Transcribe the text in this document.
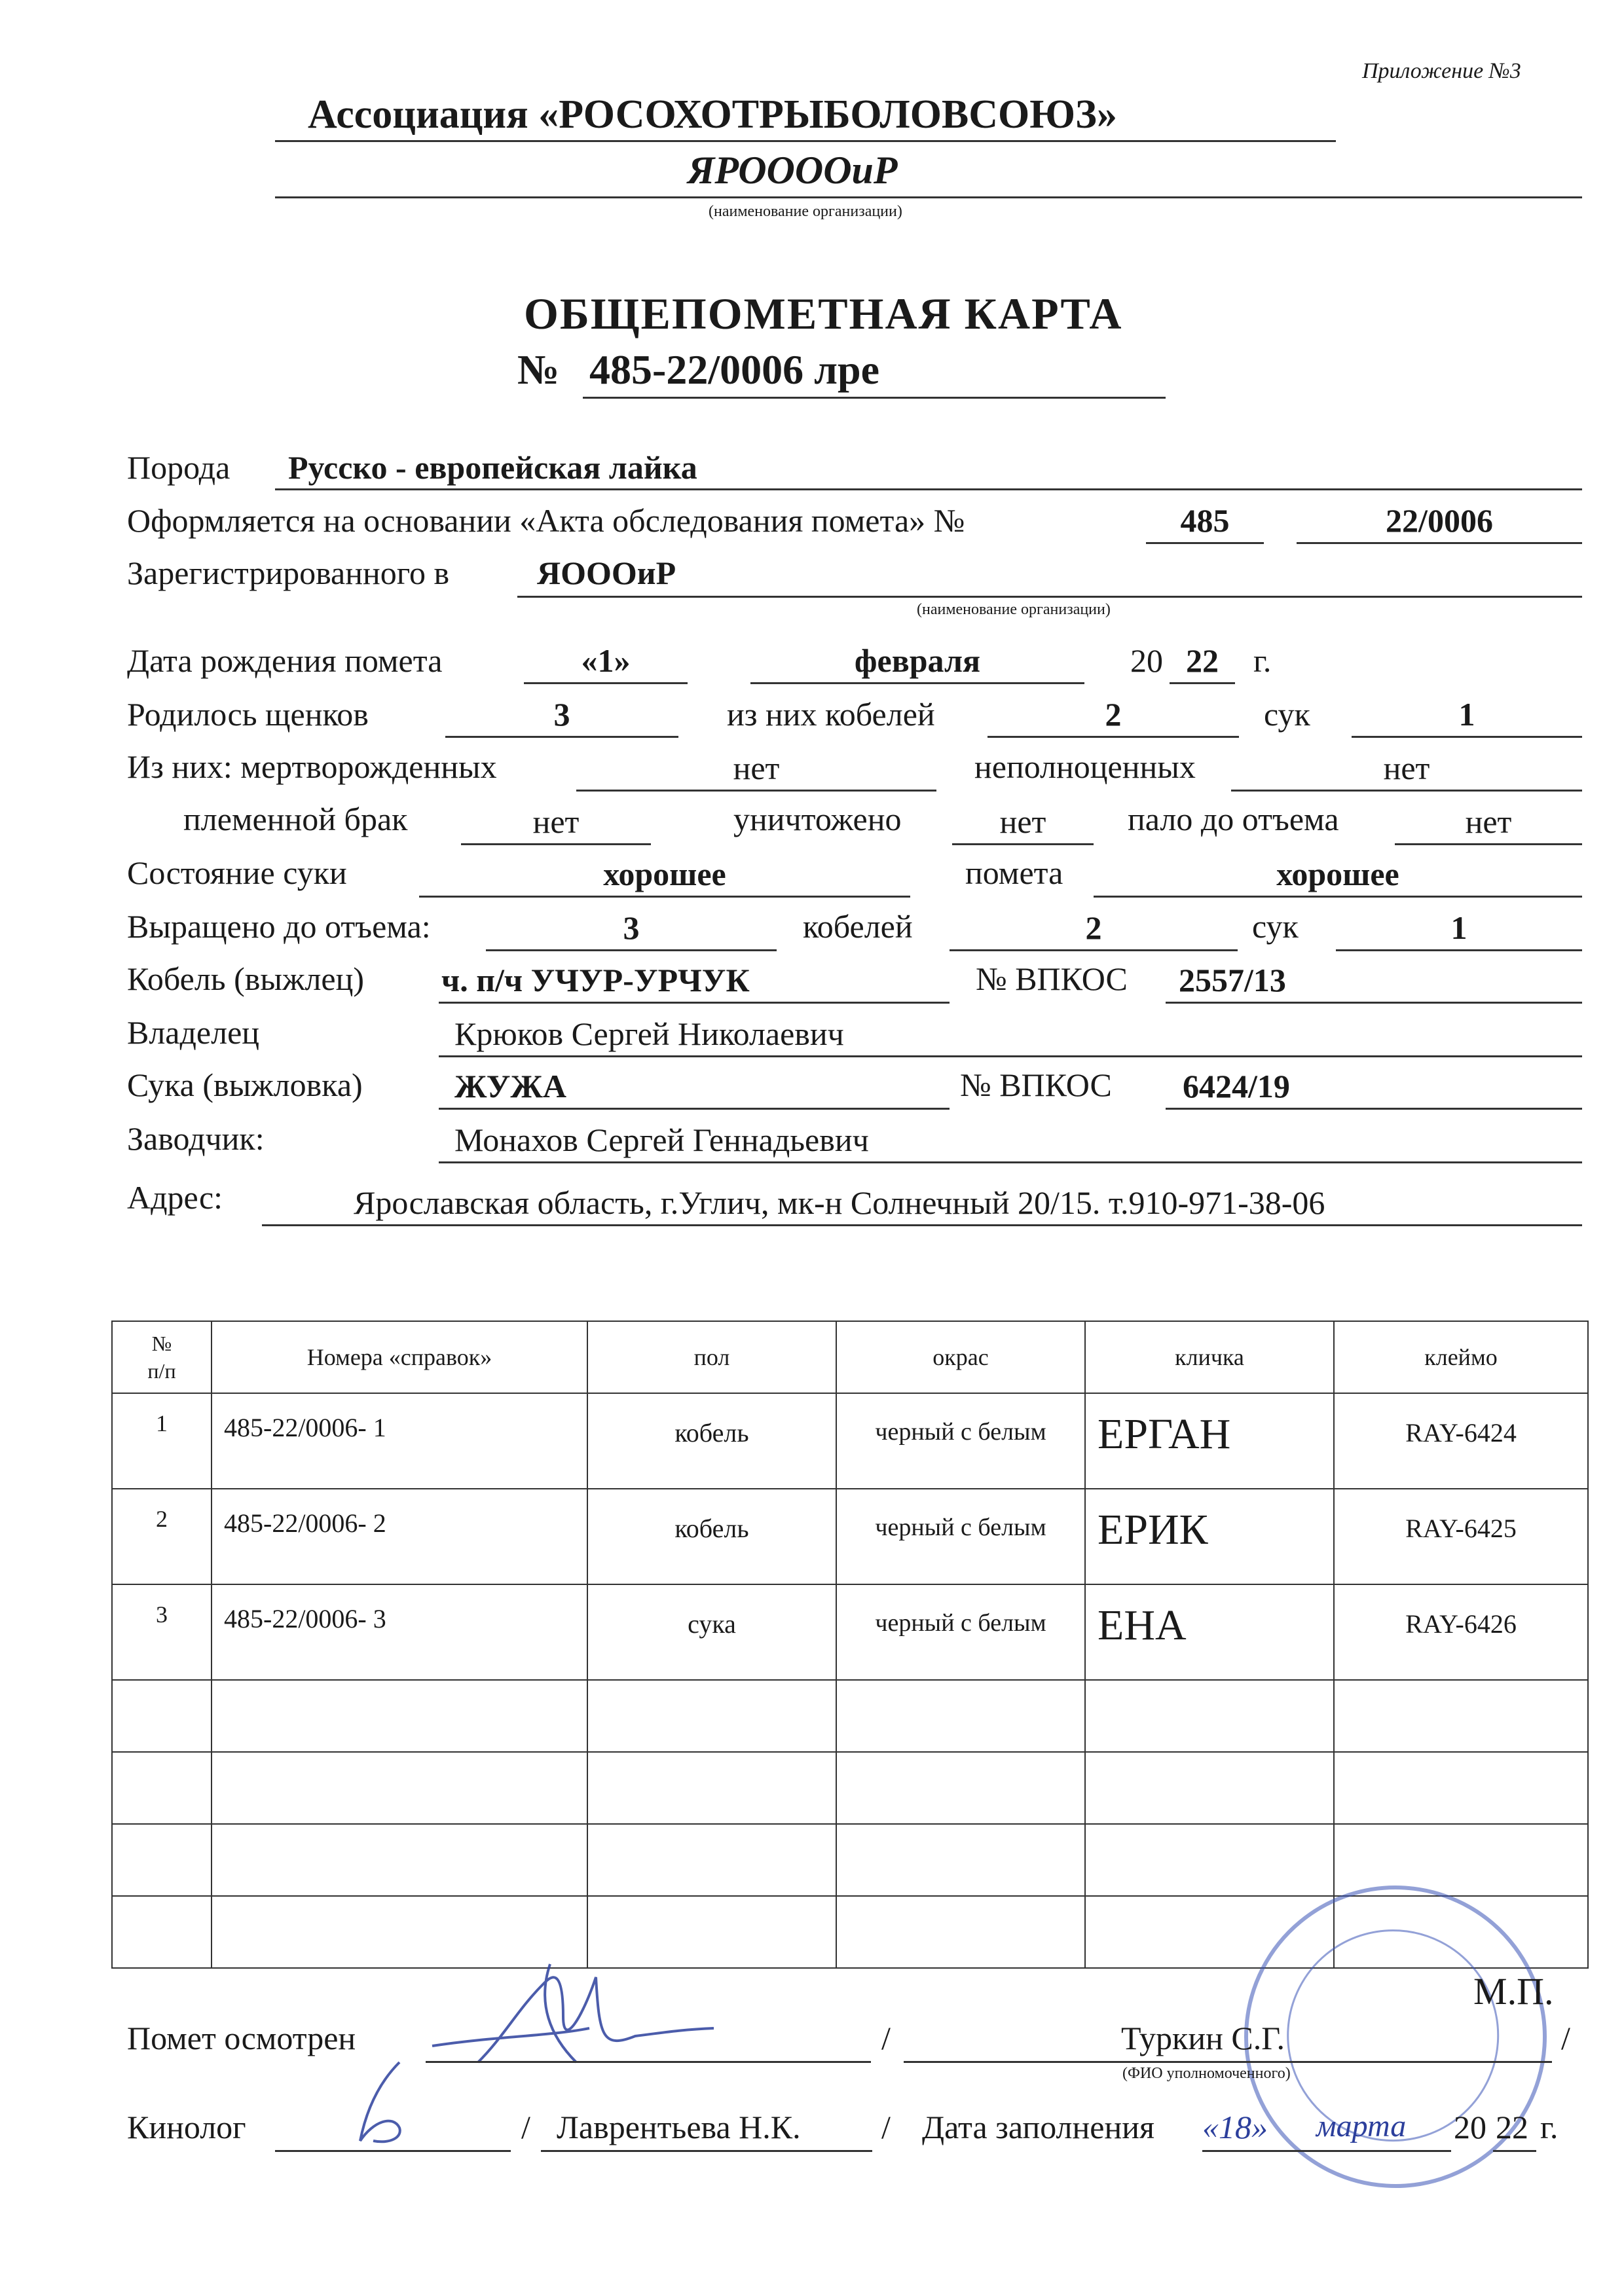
Приложение №3
Ассоциация «РОСОХОТРЫБОЛОВСОЮЗ»
ЯРООООиР
(наименование организации)
ОБЩЕПОМЕТНАЯ КАРТА
№ 485-22/0006 лре
Порода Русско - европейская лайка
Оформляется на основании «Акта обследования помета» №	485	22/0006
Зарегистрированного в	ЯОООиР
(наименование организации)
Дата рождения помета	«1»	февраля	20 22	г.
Родилось щенков	3	из них кобелей	2	сук	1
Из них: мертворожденных	нет	неполноценных	нет
племенной брак	нет	уничтожено	нет	пало до отъема	нет
Состояние суки	хорошее	помета	хорошее
Выращено до отъема:	3	кобелей	2	сук	1
Кобель (выжлец) ч. п/ч УЧУР-УРЧУК	№ ВПКОС 2557/13
Владелец	Крюков Сергей Николаевич
Сука (выжловка)	ЖУЖА	№ ВПКОС 6424/19
Заводчик:	Монахов Сергей Геннадьевич
Адрес:	Ярославская область, г.Углич, мк-н Солнечный 20/15. т.910-971-38-06
№
п/п	Номера «справок»	пол	окрас	кличка	клеймо
1	485-22/0006- 1	кобель	черный с белым	ЕРГАН	RAY-6424
2	485-22/0006- 2	кобель	черный с белым	ЕРИК	RAY-6425
3	485-22/0006- 3	сука	черный с белым	ЕНА	RAY-6426

М.П.
Помет осмотрен	/	Туркин С.Г.	/
(ФИО уполномоченного)
Кинолог	/ Лаврентьева Н.К. / Дата заполнения «18» марта 20 22 г.
